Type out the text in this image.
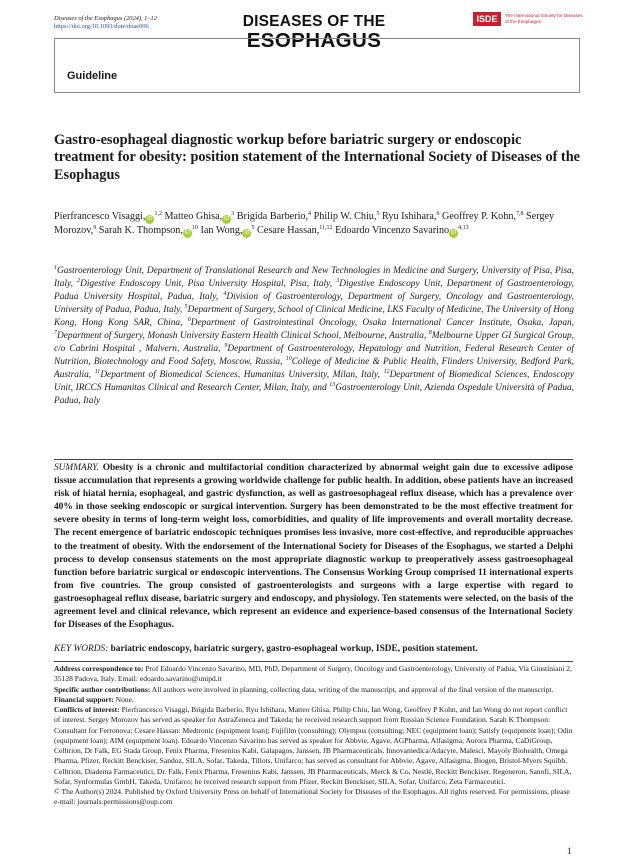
Diseases of the Esophagus (2024), 1–12
https://doi.org/10.1093/dote/doae006	DISEASES OF THE
ESOPHAGUS
ISDE	The International Society for Diseases of the Esophagus
Guideline
Gastro-esophageal diagnostic workup before bariatric surgery or endoscopic treatment for obesity: position statement of the International Society of Diseases of the Esophagus
Pierfrancesco Visaggi, iD$^{1,2}$ Matteo Ghisa, $iD^3$ Brigida Barberio,$^4$ Philip W. Chiu,$^5$ Ryu Ishihara,$^6$ Geoffrey P. Kohn,$^{7,8}$ Sergey Morozov,$^9$ Sarah K. Thompson, $iD^{10}$ Ian Wong, $iD^5$ Cesare Hassan,$^{11,12}$ Edoardo Vincenzo Savarino iD$^{4,13}$
$^1$Gastroenterology Unit, Department of Translational Research and New Technologies in Medicine and Surgery, University of Pisa, Pisa, Italy, $^2$Digestive Endoscopy Unit, Pisa University Hospital, Pisa, Italy, $^3$Digestive Endoscopy Unit, Department of Gastroenterology, Padua University Hospital, Padua, Italy, $^4$Division of Gastroenterology, Department of Surgery, Oncology and Gastroenterology, University of Padua, Padua, Italy, $^5$Department of Surgery, School of Clinical Medicine, LKS Faculty of Medicine, The University of Hong Kong, Hong Kong SAR, China, $^6$Department of Gastrointestinal Oncology, Osaka International Cancer Institute, Osaka, Japan, $^7$Department of Surgery, Monash University Eastern Health Clinical School, Melbourne, Australia, $^8$Melbourne Upper GI Surgical Group, c/o Cabrini Hospital , Malvern, Australia, $^9$Department of Gastroenterology, Hepatology and Nutrition, Federal Research Center of Nutrition, Biotechnology and Food Safety, Moscow, Russia, $^{10}$College of Medicine & Public Health, Flinders University, Bedford Park, Australia, $^{11}$Department of Biomedical Sciences, Humanitas University, Milan, Italy, $^{12}$Department of Biomedical Sciences, Endoscopy Unit, IRCCS Humanitas Clinical and Research Center, Milan, Italy, and $^{13}$Gastroenterology Unit, Azienda Ospedale Università of Padua, Padua, Italy
SUMMARY. Obesity is a chronic and multifactorial condition characterized by abnormal weight gain due to excessive adipose tissue accumulation that represents a growing worldwide challenge for public health. In addition, obese patients have an increased risk of hiatal hernia, esophageal, and gastric dysfunction, as well as gastroesophageal reflux disease, which has a prevalence over 40% in those seeking endoscopic or surgical intervention. Surgery has been demonstrated to be the most effective treatment for severe obesity in terms of long-term weight loss, comorbidities, and quality of life improvements and overall mortality decrease. The recent emergence of bariatric endoscopic techniques promises less invasive, more cost-effective, and reproducible approaches to the treatment of obesity. With the endorsement of the International Society for Diseases of the Esophagus, we started a Delphi process to develop consensus statements on the most appropriate diagnostic workup to preoperatively assess gastroesophageal function before bariatric surgical or endoscopic interventions. The Consensus Working Group comprised 11 international experts from five countries. The group consisted of gastroenterologists and surgeons with a large expertise with regard to gastroesophageal reflux disease, bariatric surgery and endoscopy, and physiology. Ten statements were selected, on the basis of the agreement level and clinical relevance, which represent an evidence and experience-based consensus of the International Society for Diseases of the Esophagus.
KEY WORDS: bariatric endoscopy, bariatric surgery, gastro-esophageal workup, ISDE, position statement.

Address correspondence to: Prof Edoardo Vincenzo Savarino, MD, PhD, Department of Surgery, Oncology and Gastroenterology, University of Padua, Via Giustiniani 2, 35128 Padova, Italy. Email: edoardo.savarino@unipd.it

Specific author contributions: All authors were involved in planning, collecting data, writing of the manuscript, and approval of the final version of the manuscript.

Financial support: None.

Conflicts of interest: Pierfrancesco Visaggi, Brigida Barberio, Ryu Ishihara, Matteo Ghisa, Philip Chiu, Ian Wong, Geoffrey P Kohn, and Ian Wong do not report conflict of interest. Sergey Morozov has served as speaker for AstraZeneca and Takeda; he received research support from Russian Science Foundation. Sarah K Thompson: Consultant for Ferronova; Cesare Hassan: Medtronic (equipment loan); Fujifilm (consulting); Olympus (consulting; NEC (equipment loan); Satisfy (equipment loan); Odin (equipment loan); AIM (equipment loan). Edoardo Vincenzo Savarino has served as speaker for Abbvie, Agave, AGPharma, Alfasigma, Aurora Pharma, CaDiGroup, Celltrion, Dr Falk, EG Stada Group, Fenix Pharma, Fresenius Kabi, Galapagos, Janssen, JB Pharmaceuticals, Innovamedica/Adacyte, Malesci, Mayoly Biohealth, Omega Pharma, Pfizer, Reckitt Benckiser, Sandoz, SILA, Sofar, Takeda, Tillots, Unifarco; has served as consultant for Abbvie, Agave, Alfasigma, Biogen, Bristol-Myers Squibb, Celltrion, Diadema Farmaceutici, Dr. Falk, Fenix Pharma, Fresenius Kabi, Janssen, JB Pharmaceuticals, Merck & Co, Nestlè, Reckitt Benckiser, Regeneron, Sanofi, SILA, Sofar, Synformulas GmbH, Takeda, Unifarco; he received research support from Pfizer, Reckitt Benckiser, SILA, Sofar, Unifarco, Zeta Farmaceutici.

© The Author(s) 2024. Published by Oxford University Press on behalf of International Society for Diseases of the Esophagus. All rights reserved. For permissions, please e-mail: journals.permissions@oup.com

1
